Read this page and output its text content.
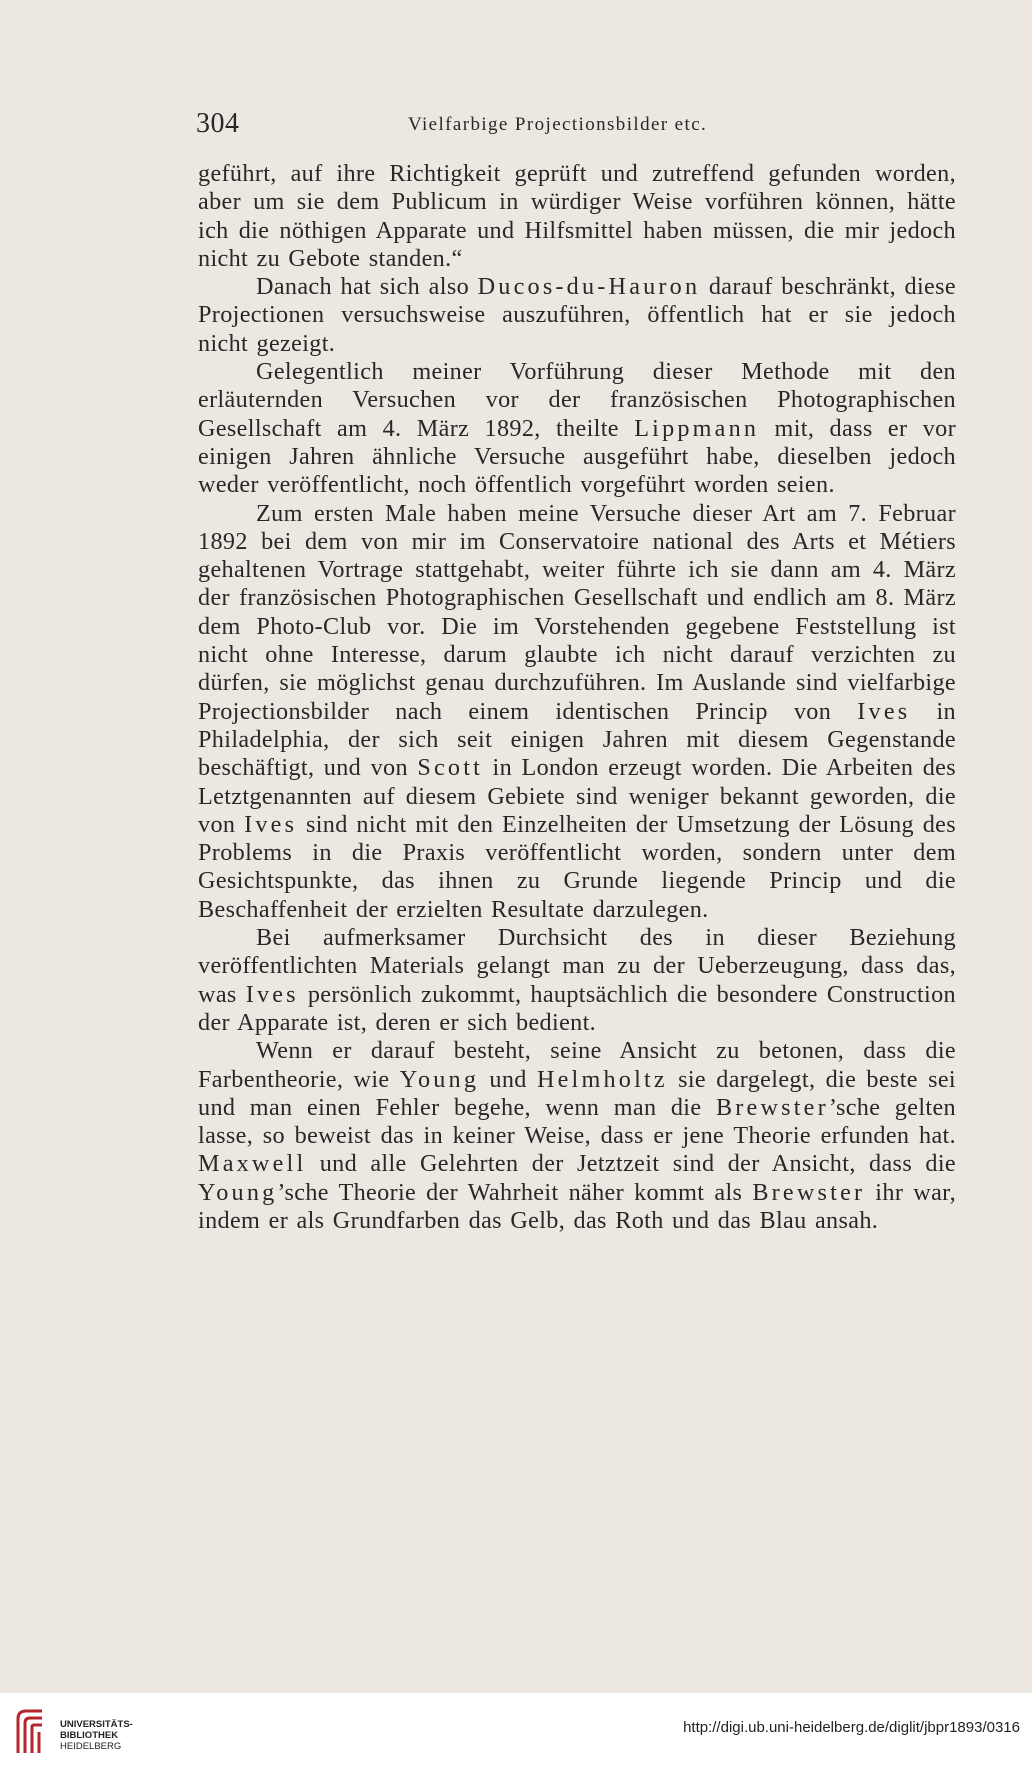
304	Vielfarbige Projectionsbilder etc.

geführt, auf ihre Richtigkeit geprüft und zutreffend gefunden worden, aber um sie dem Publicum in würdiger Weise vorführen können, hätte ich die nöthigen Apparate und Hilfsmittel haben müssen, die mir jedoch nicht zu Gebote standen.“

Danach hat sich also Ducos-du-Hauron darauf beschränkt, diese Projectionen versuchsweise auszuführen, öffentlich hat er sie jedoch nicht gezeigt.

Gelegentlich meiner Vorführung dieser Methode mit den erläuternden Versuchen vor der französischen Photographischen Gesellschaft am 4. März 1892, theilte Lippmann mit, dass er vor einigen Jahren ähnliche Versuche ausgeführt habe, dieselben jedoch weder veröffentlicht, noch öffentlich vorgeführt worden seien.

Zum ersten Male haben meine Versuche dieser Art am 7. Februar 1892 bei dem von mir im Conservatoire national des Arts et Métiers gehaltenen Vortrage stattgehabt, weiter führte ich sie dann am 4. März der französischen Photographischen Gesellschaft und endlich am 8. März dem Photo-Club vor. Die im Vorstehenden gegebene Feststellung ist nicht ohne Interesse, darum glaubte ich nicht darauf verzichten zu dürfen, sie möglichst genau durchzuführen. Im Auslande sind vielfarbige Projectionsbilder nach einem identischen Princip von Ives in Philadelphia, der sich seit einigen Jahren mit diesem Gegenstande beschäftigt, und von Scott in London erzeugt worden. Die Arbeiten des Letztgenannten auf diesem Gebiete sind weniger bekannt geworden, die von Ives sind nicht mit den Einzelheiten der Umsetzung der Lösung des Problems in die Praxis veröffentlicht worden, sondern unter dem Gesichtspunkte, das ihnen zu Grunde liegende Princip und die Beschaffenheit der erzielten Resultate darzulegen.

Bei aufmerksamer Durchsicht des in dieser Beziehung veröffentlichten Materials gelangt man zu der Ueberzeugung, dass das, was Ives persönlich zukommt, hauptsächlich die besondere Construction der Apparate ist, deren er sich bedient.

Wenn er darauf besteht, seine Ansicht zu betonen, dass die Farbentheorie, wie Young und Helmholtz sie dargelegt, die beste sei und man einen Fehler begehe, wenn man die Brewster’sche gelten lasse, so beweist das in keiner Weise, dass er jene Theorie erfunden hat. Maxwell und alle Gelehrten der Jetztzeit sind der Ansicht, dass die Young’sche Theorie der Wahrheit näher kommt als Brewster ihr war, indem er als Grundfarben das Gelb, das Roth und das Blau ansah.

UNIVERSITÄTS-
BIBLIOTHEK
HEIDELBERG
http://digi.ub.uni-heidelberg.de/diglit/jbpr1893/0316
